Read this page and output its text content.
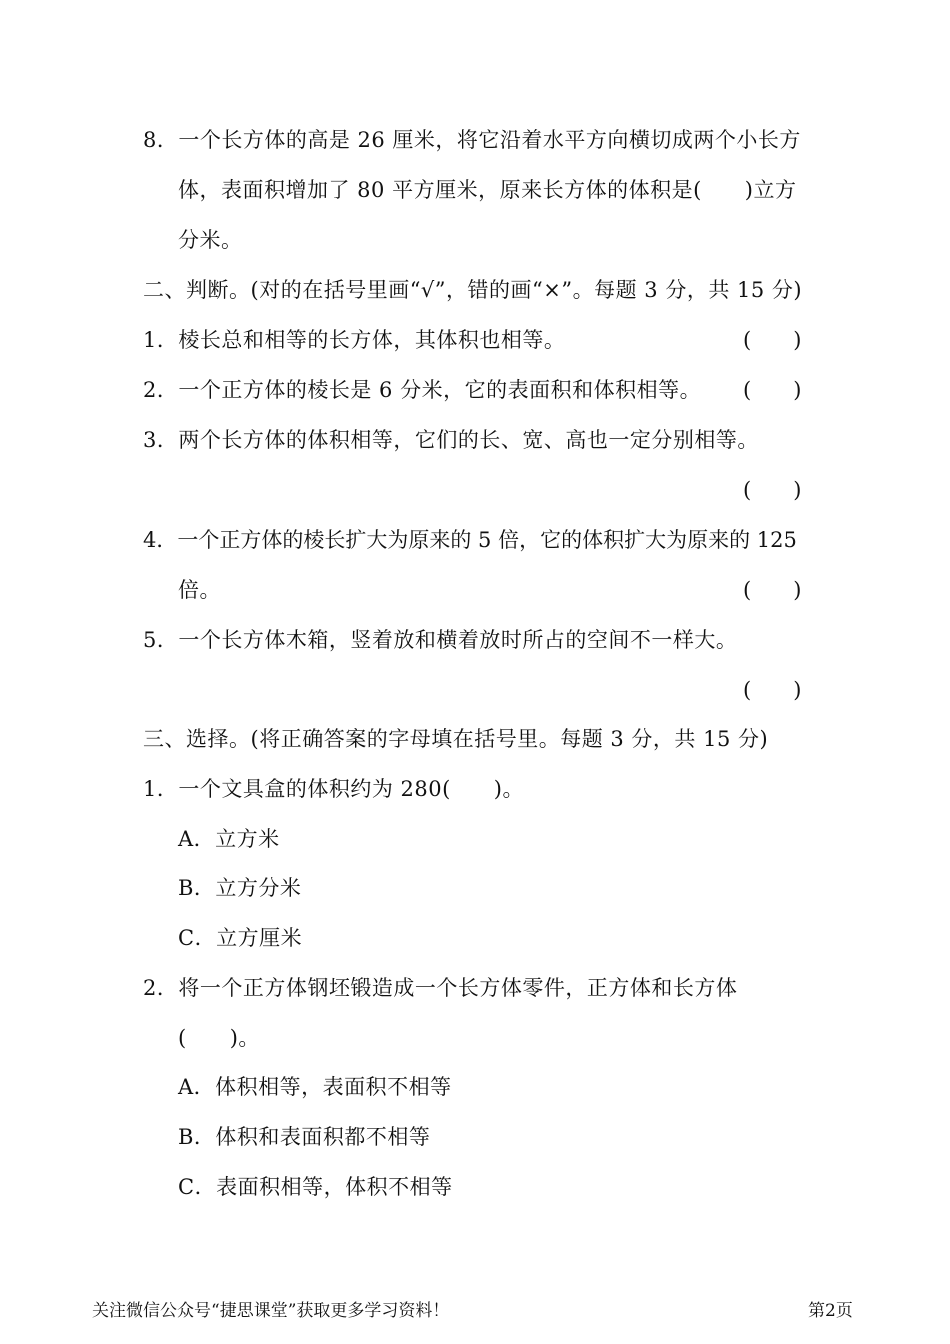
8．一个长方体的高是 26 厘米，将它沿着水平方向横切成两个小长方
体，表面积增加了 80 平方厘米，原来长方体的体积是(　　)立方
分米。
二、判断。(对的在括号里画“√”，错的画“×”。每题 3 分，共 15 分)
1．棱长总和相等的长方体，其体积也相等。	(　　)
2．一个正方体的棱长是 6 分米，它的表面积和体积相等。 (　　)
3．两个长方体的体积相等，它们的长、宽、高也一定分别相等。
(　　)
4．一个正方体的棱长扩大为原来的 5 倍，它的体积扩大为原来的 125
倍。	(　　)
5．一个长方体木箱，竖着放和横着放时所占的空间不一样大。
(　　)
三、选择。(将正确答案的字母填在括号里。每题 3 分，共 15 分)
1．一个文具盒的体积约为 280(　　)。
A．立方米
B．立方分米
C．立方厘米
2．将一个正方体钢坯锻造成一个长方体零件，正方体和长方体
(　　)。
A．体积相等，表面积不相等
B．体积和表面积都不相等
C．表面积相等，体积不相等
关注微信公众号“捷思课堂”获取更多学习资料！	第2页
